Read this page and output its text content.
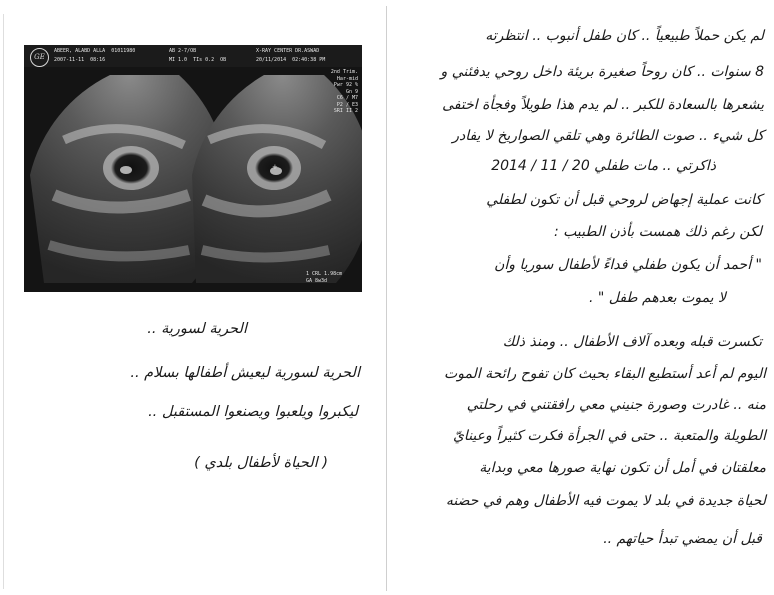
GE
ABEER, ALABD ALLA  01011980
2007-11-11  08:16
AB 2-7/OB
MI 1.0  TIs 0.2  OB
X-RAY CENTER DR.ASWAD
20/11/2014  02:40:38 PM
+
2nd Trim.
Har-mid
Pwr 92 %
Gn 9
C6 / M7
P2 / E3
SRI II 2
1 CRL 1.98cm
GA 8w3d

الحرية لسورية ..

الحرية لسورية ليعيش أطفالها بسلام ..

ليكبروا ويلعبوا ويصنعوا المستقبل ..

( الحياة لأطفال بلدي )

لم يكن حملاً طبيعياً .. كان طفل أنبوب .. انتظرته

8 سنوات .. كان روحاً صغيرة بريئة داخل روحي يدفئني و

يشعرها بالسعادة للكبر .. لم يدم هذا طويلاً وفجأة اختفى

كل شيء .. صوت الطائرة وهي تلقي الصواريخ لا يفادر

ذاكرتي .. مات طفلي 20 / 11 / 2014

كانت عملية إجهاض لروحي قبل أن تكون لطفلي

لكن رغم ذلك همست بأذن الطبيب :

" أحمد أن يكون طفلي فداءً لأطفال سوريا وأن

لا يموت بعدهم طفل " .

تكسرت قبله وبعده آلاف الأطفال .. ومنذ ذلك

اليوم لم أعد أستطيع البقاء بحيث كان تفوح رائحة الموت

منه .. غادرت وصورة جنيني معي رافقتني في رحلتي

الطويلة والمتعبة .. حتى في الجرأة فكرت كثيراً وعينايّ

معلقتان في أمل أن تكون نهاية صورها معي وبداية

لحياة جديدة في بلد لا يموت فيه الأطفال وهم في حضنه

قبل أن يمضي تبدأ حياتهم ..
